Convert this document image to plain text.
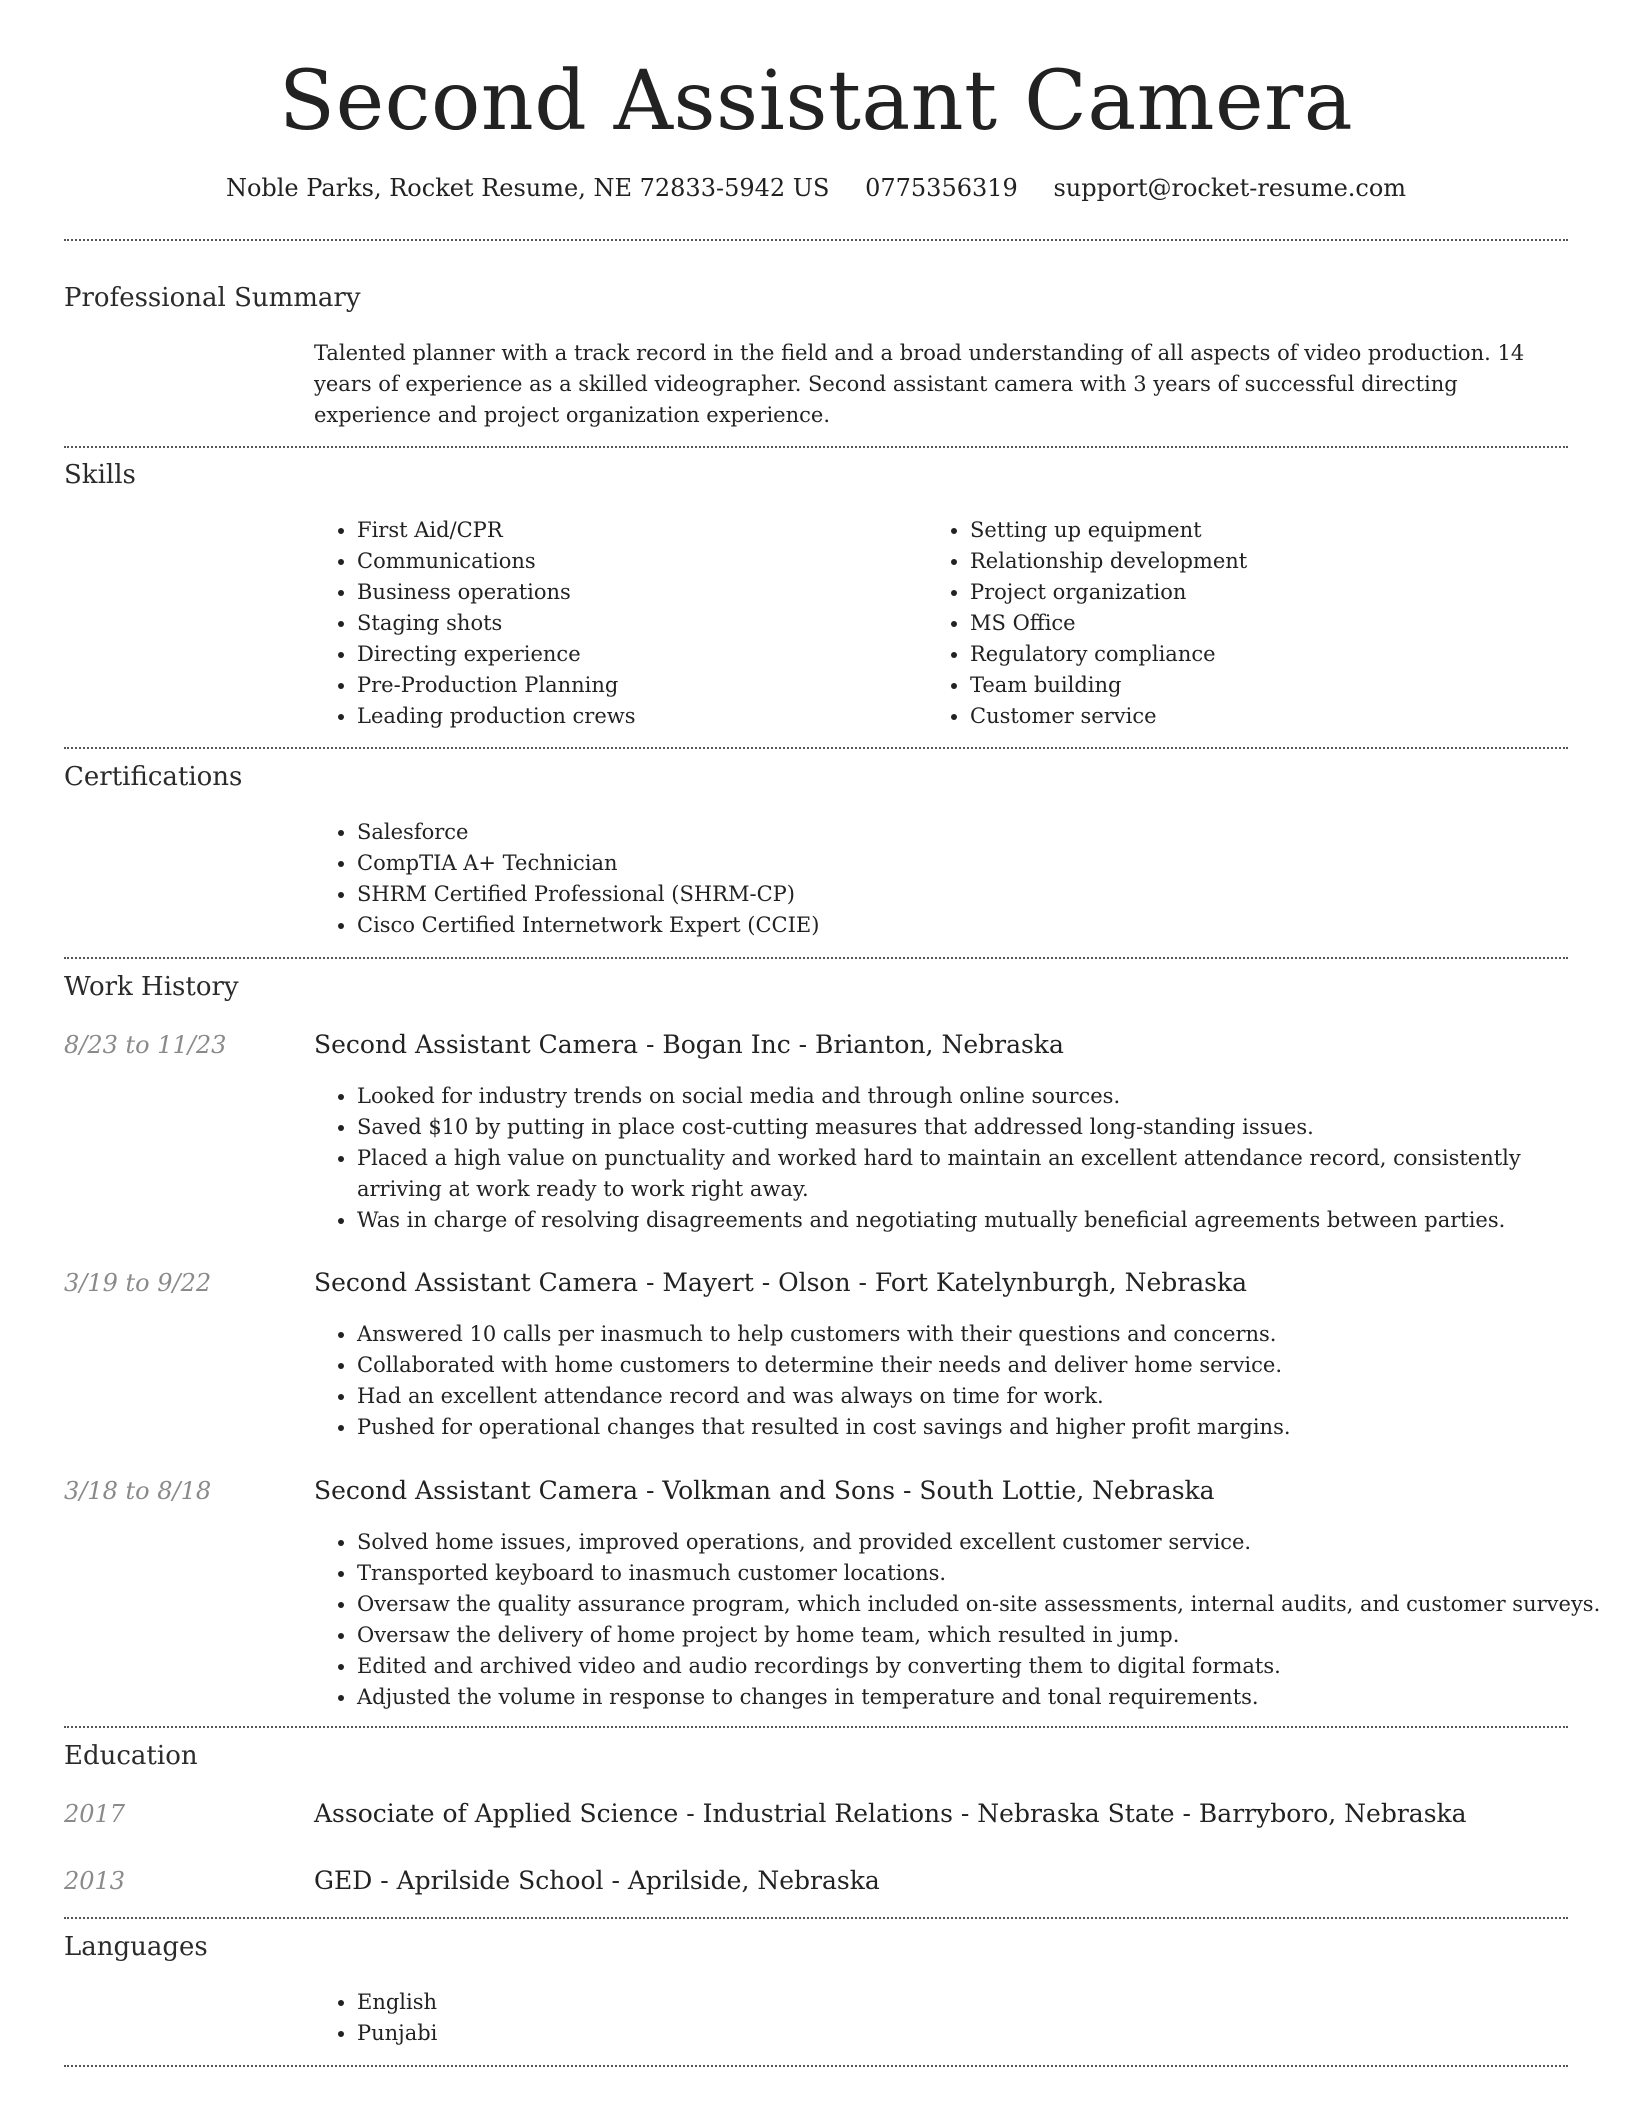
Second Assistant Camera
Noble Parks, Rocket Resume, NE 72833-5942 US 0775356319 support@rocket-resume.com
Professional Summary
Talented planner with a track record in the field and a broad understanding of all aspects of video production. 14 years of experience as a skilled videographer. Second assistant camera with 3 years of successful directing experience and project organization experience.
Skills
• First Aid/CPR
• Communications
• Business operations
• Staging shots
• Directing experience
• Pre-Production Planning
• Leading production crews
• Setting up equipment
• Relationship development
• Project organization
• MS Office
• Regulatory compliance
• Team building
• Customer service
Certifications
• Salesforce
• CompTIA A+ Technician
• SHRM Certified Professional (SHRM-CP)
• Cisco Certified Internetwork Expert (CCIE)
Work History
8/23 to 11/23	Second Assistant Camera - Bogan Inc - Brianton, Nebraska
• Looked for industry trends on social media and through online sources.
• Saved $10 by putting in place cost-cutting measures that addressed long-standing issues.
• Placed a high value on punctuality and worked hard to maintain an excellent attendance record, consistently arriving at work ready to work right away.
• Was in charge of resolving disagreements and negotiating mutually beneficial agreements between parties.
3/19 to 9/22	Second Assistant Camera - Mayert - Olson - Fort Katelynburgh, Nebraska
• Answered 10 calls per inasmuch to help customers with their questions and concerns.
• Collaborated with home customers to determine their needs and deliver home service.
• Had an excellent attendance record and was always on time for work.
• Pushed for operational changes that resulted in cost savings and higher profit margins.
3/18 to 8/18	Second Assistant Camera - Volkman and Sons - South Lottie, Nebraska
• Solved home issues, improved operations, and provided excellent customer service.
• Transported keyboard to inasmuch customer locations.
• Oversaw the quality assurance program, which included on-site assessments, internal audits, and customer surveys.
• Oversaw the delivery of home project by home team, which resulted in jump.
• Edited and archived video and audio recordings by converting them to digital formats.
• Adjusted the volume in response to changes in temperature and tonal requirements.
Education
2017	Associate of Applied Science - Industrial Relations - Nebraska State - Barryboro, Nebraska
2013	GED - Aprilside School - Aprilside, Nebraska
Languages
• English
• Punjabi
